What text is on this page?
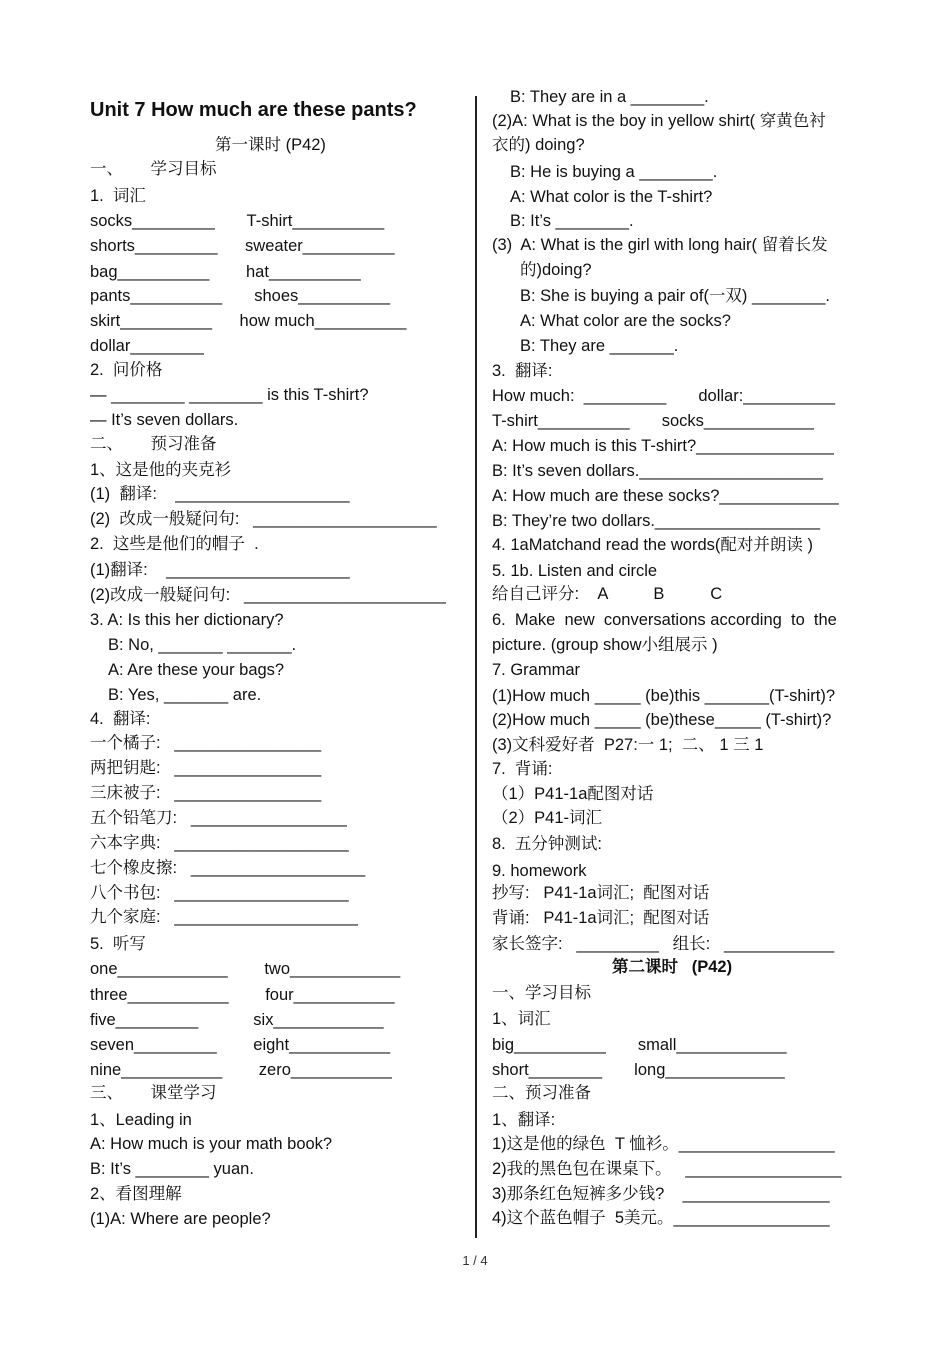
Unit 7 How much are these pants?
第一课时 (P42)
一、      学习目标
1.  词汇
socks_________       T-shirt__________
shorts_________      sweater__________
bag__________        hat__________
pants__________       shoes__________
skirt__________      how much__________
dollar________
2.  问价格
— ________ ________ is this T-shirt?
— It’s seven dollars.
二、      预习准备
1、这是他的夹克衫
(1)  翻译:    ___________________
(2)  改成一般疑问句:   ____________________
2.  这些是他们的帽子  .
(1)翻译:    ____________________
(2)改成一般疑问句:   ______________________
3. A: Is this her dictionary?
B: No, _______ _______.
A: Are these your bags?
B: Yes, _______ are.
4.  翻译:
一个橘子:   ________________
两把钥匙:   ________________
三床被子:   ________________
五个铅笔刀:   _________________
六本字典:   ___________________
七个橡皮擦:   ___________________
八个书包:   ___________________
九个家庭:   ____________________
5.  听写
one____________        two____________
three___________        four___________
five_________            six____________
seven_________        eight___________
nine___________        zero___________
三、      课堂学习
1、Leading in
A: How much is your math book?
B: It’s ________ yuan.
2、看图理解
(1)A: Where are people?
B: They are in a ________.
(2)A: What is the boy in yellow shirt( 穿黄色衬
衣的) doing?
B: He is buying a ________.
A: What color is the T-shirt?
B: It’s ________.
(3)  A: What is the girl with long hair( 留着长发
的)doing?
B: She is buying a pair of(一双) ________.
A: What color are the socks?
B: They are _______.
3.  翻译:
How much:  _________       dollar:__________
T-shirt__________       socks____________
A: How much is this T-shirt?_______________
B: It’s seven dollars.____________________
A: How much are these socks?_____________
B: They’re two dollars.__________________
4. 1aMatchand read the words(配对并朗读 )
5. 1b. Listen and circle
给自己评分:    A          B          C
6.  Make  new  conversations according  to  the
picture. (group show小组展示 )
7. Grammar
(1)How much _____ (be)this _______(T-shirt)?
(2)How much _____ (be)these_____ (T-shirt)?
(3)文科爱好者  P27:一 1;  二、 1 三 1
7.  背诵:
（1）P41-1a配图对话
（2）P41-词汇
8.  五分钟测试:
9. homework
抄写:   P41-1a词汇;  配图对话
背诵:   P41-1a词汇;  配图对话
家长签字:   _________   组长:   ____________
第二课时   (P42)
一、学习目标
1、词汇
big__________       small____________
short________       long_____________
二、预习准备
1、翻译:
1)这是他的绿色  T 恤衫。_________________
2)我的黑色包在课桌下。   _________________
3)那条红色短裤多少钱?    ________________
4)这个蓝色帽子  5美元。_________________
1 / 4
